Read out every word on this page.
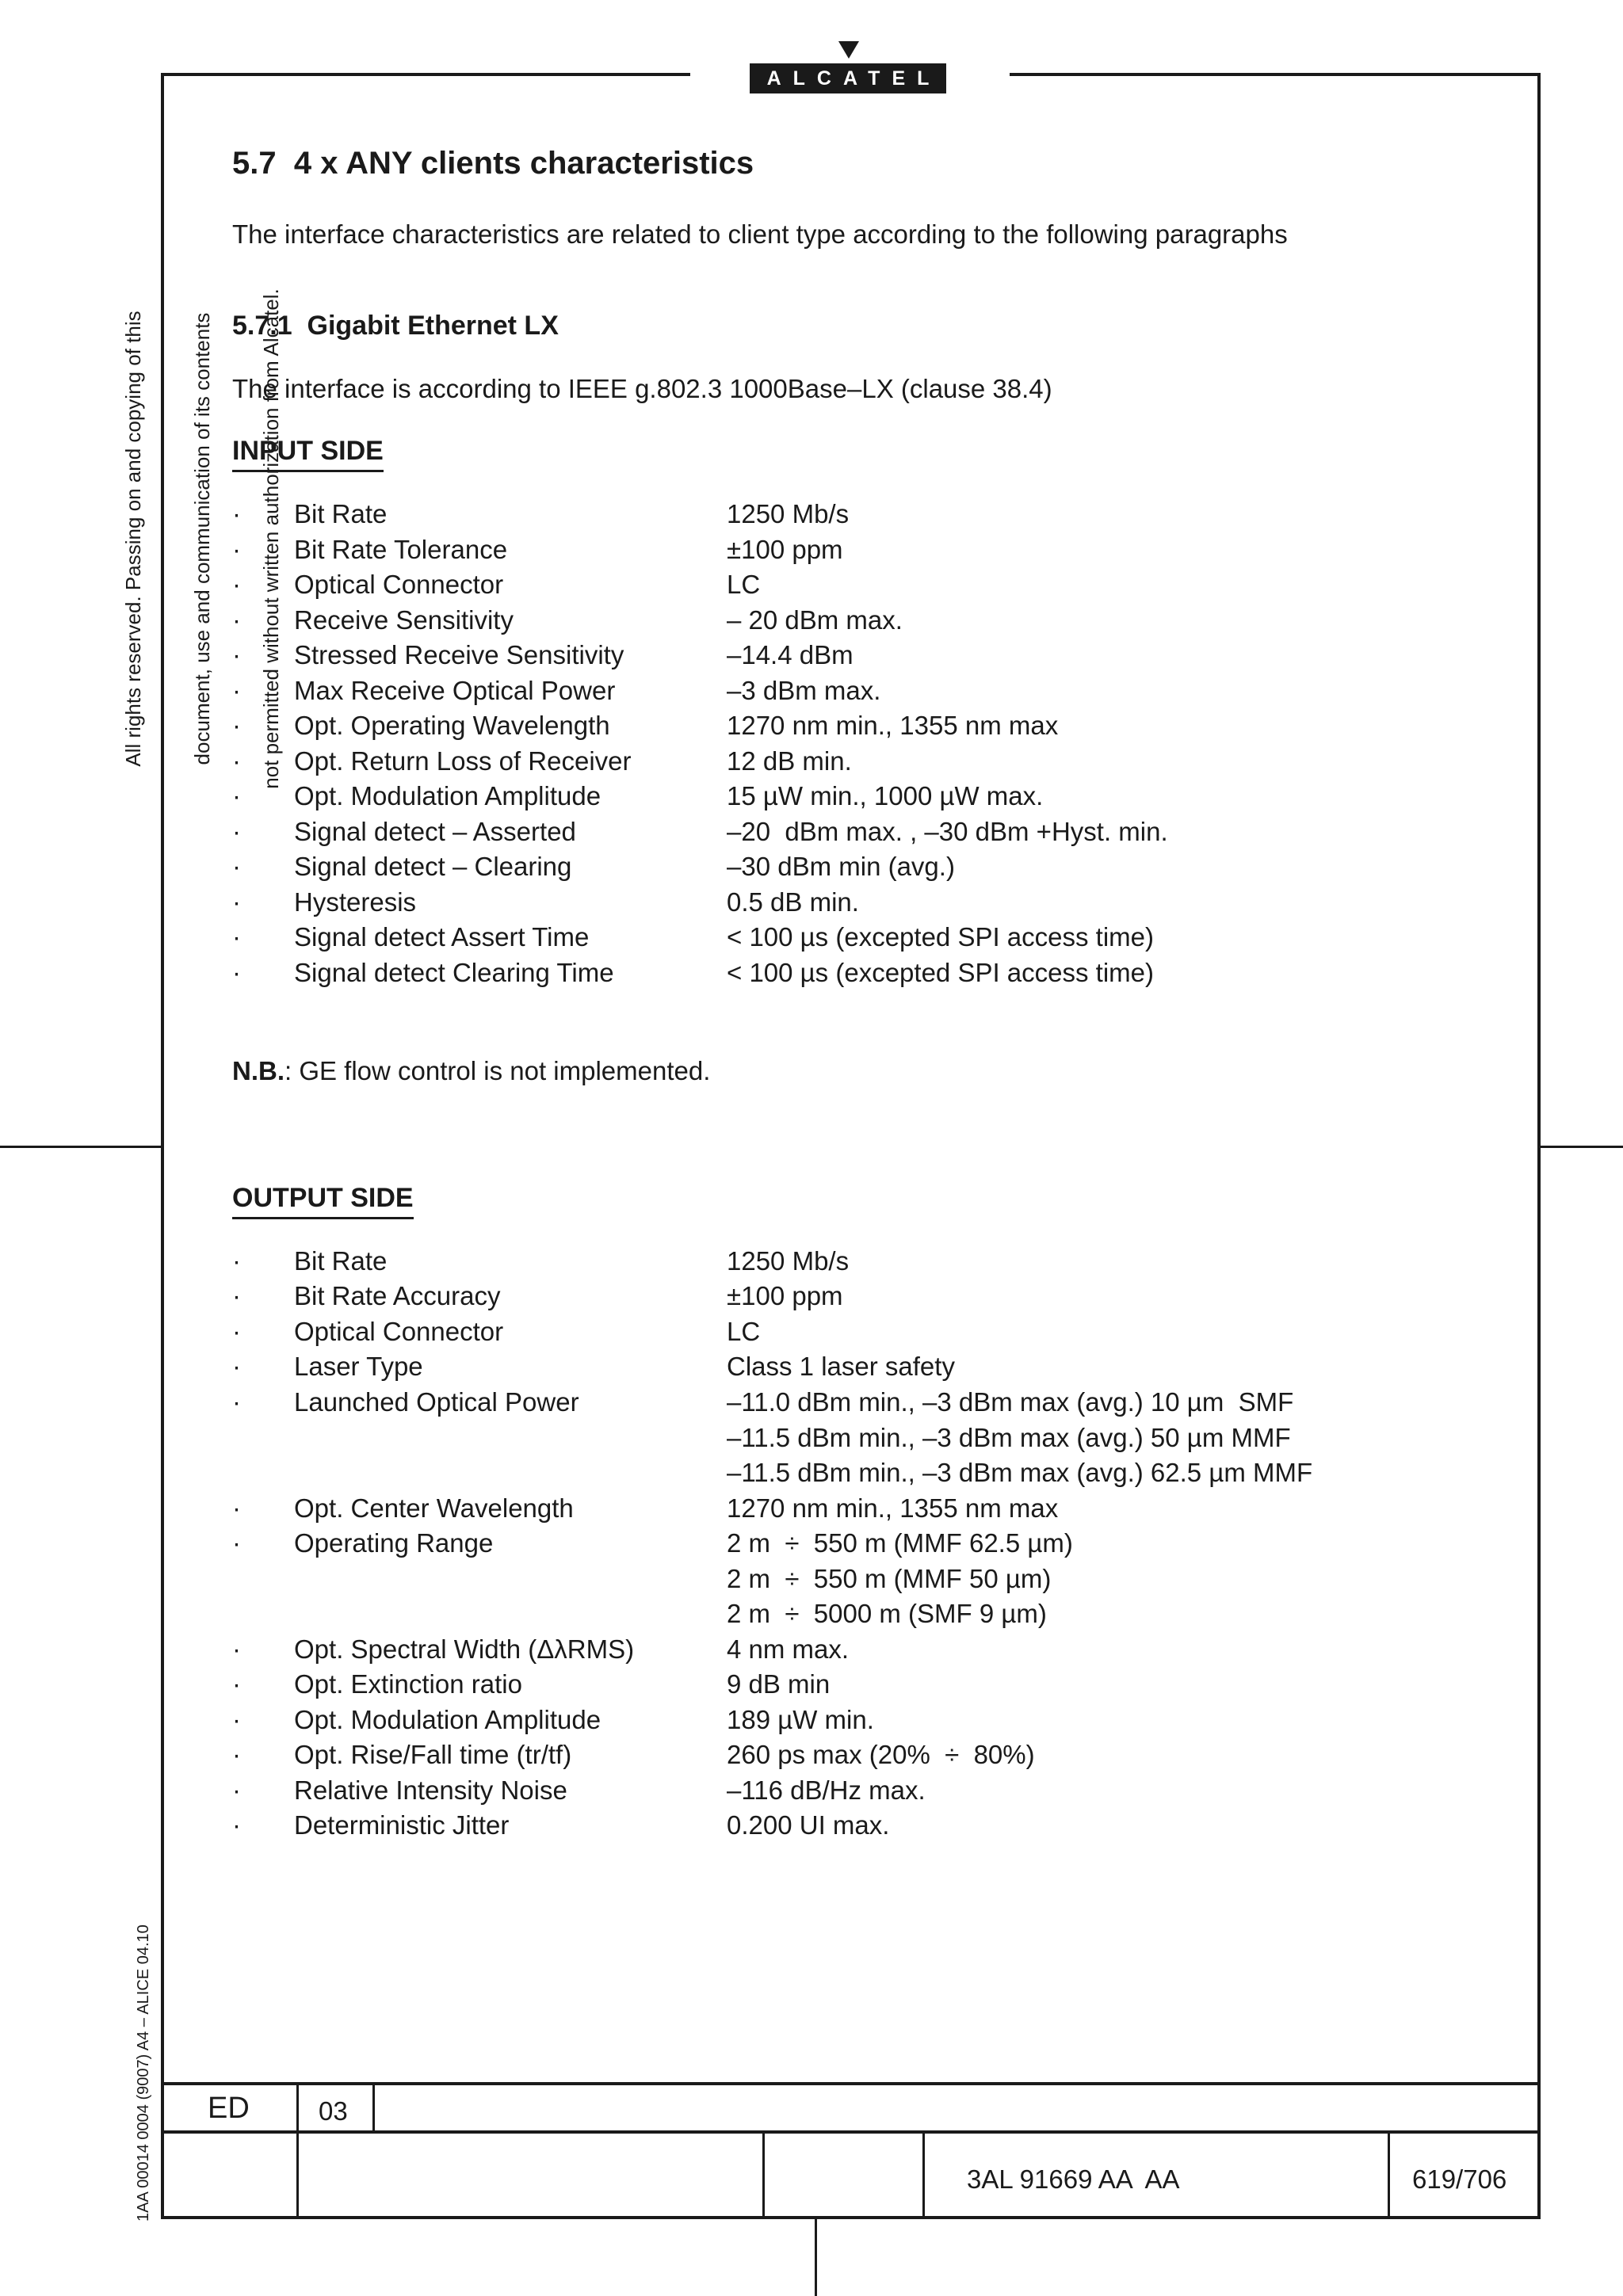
ALCATEL

All rights reserved. Passing on and copying of this

document, use and communication of its contents

not permitted without written authorization from Alcatel.

1AA 00014 0004 (9007) A4 – ALICE 04.10
5.7  4 x ANY clients characteristics
The interface characteristics are related to client type according to the following paragraphs
5.7.1  Gigabit Ethernet LX
The interface is according to IEEE g.802.3 1000Base–LX (clause 38.4)
INPUT SIDE
· Bit Rate	1250 Mb/s
· Bit Rate Tolerance	±100 ppm
· Optical Connector	LC
· Receive Sensitivity	– 20 dBm max.
· Stressed Receive Sensitivity	–14.4 dBm
· Max Receive Optical Power	–3 dBm max.
· Opt. Operating Wavelength	1270 nm min., 1355 nm max
· Opt. Return Loss of Receiver	12 dB min.
· Opt. Modulation Amplitude	15 µW min., 1000 µW max.
· Signal detect – Asserted	–20  dBm max. , –30 dBm +Hyst. min.
· Signal detect – Clearing	–30 dBm min (avg.)
· Hysteresis	0.5 dB min.
· Signal detect Assert Time	< 100 µs (excepted SPI access time)
· Signal detect Clearing Time	< 100 µs (excepted SPI access time)
N.B.: GE flow control is not implemented.
OUTPUT SIDE
· Bit Rate	1250 Mb/s
· Bit Rate Accuracy	±100 ppm
· Optical Connector	LC
· Laser Type	Class 1 laser safety
· Launched Optical Power	–11.0 dBm min., –3 dBm max (avg.) 10 µm  SMF
–11.5 dBm min., –3 dBm max (avg.) 50 µm MMF
–11.5 dBm min., –3 dBm max (avg.) 62.5 µm MMF
· Opt. Center Wavelength	1270 nm min., 1355 nm max
· Operating Range	2 m  ÷  550 m (MMF 62.5 µm)
2 m  ÷  550 m (MMF 50 µm)
2 m  ÷  5000 m (SMF 9 µm)
· Opt. Spectral Width (ΔλRMS)	4 nm max.
· Opt. Extinction ratio	9 dB min
· Opt. Modulation Amplitude	189 µW min.
· Opt. Rise/Fall time (tr/tf)	260 ps max (20%  ÷  80%)
· Relative Intensity Noise	–116 dB/Hz max.
· Deterministic Jitter	0.200 UI max.
ED	03
3AL 91669 AA  AA	619/706
